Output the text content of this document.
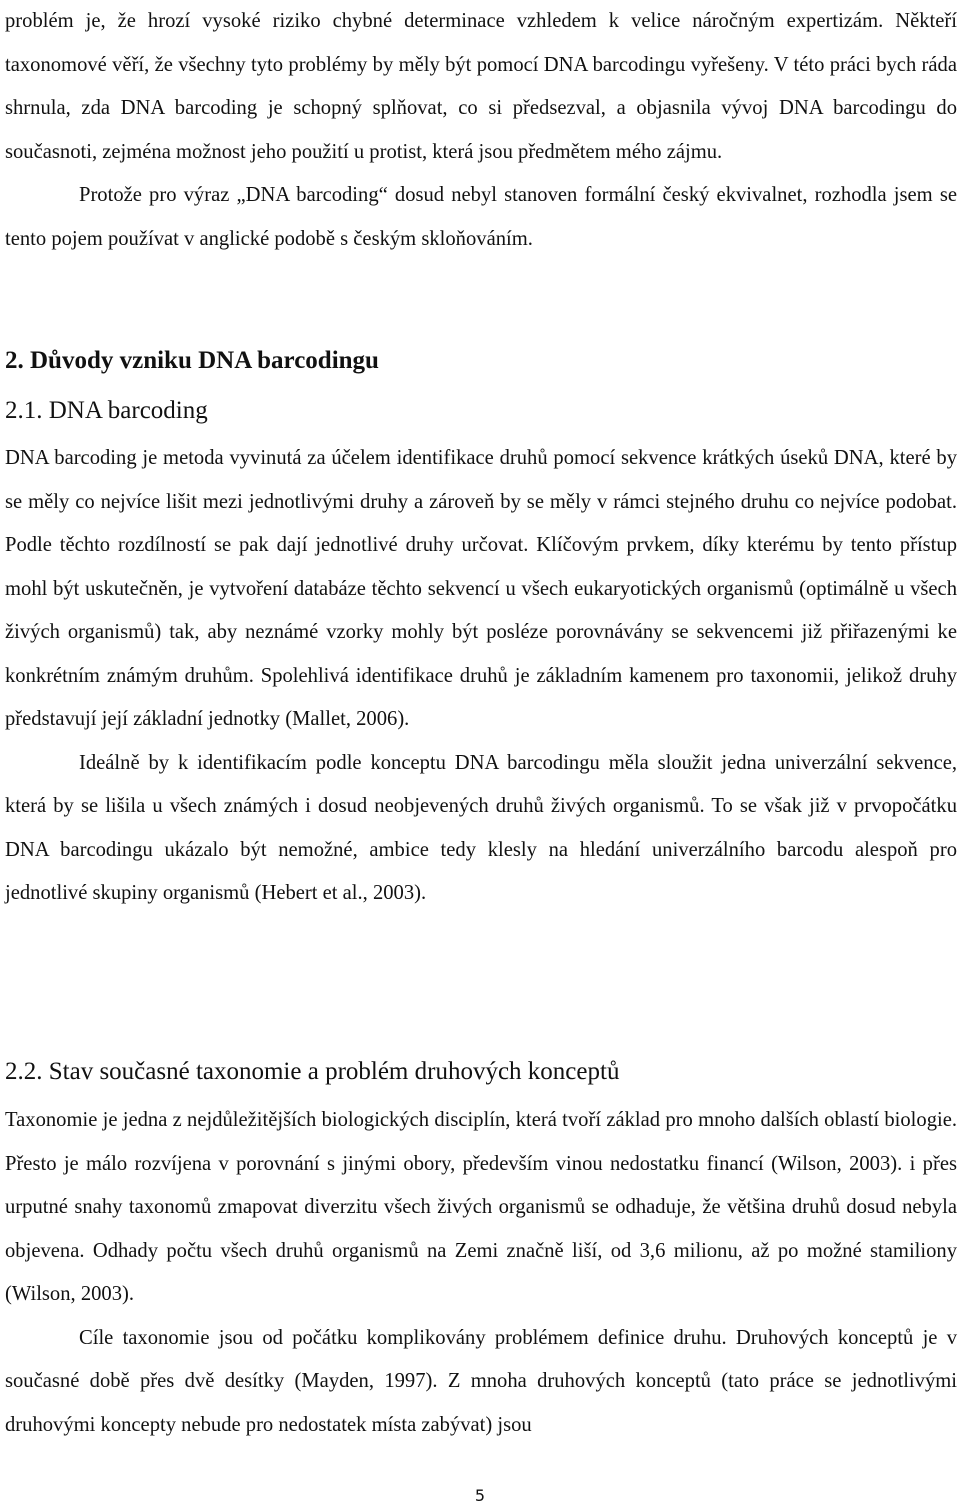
problém je, že hrozí vysoké riziko chybné determinace vzhledem k velice náročným expertizám. Někteří taxonomové věří, že všechny tyto problémy by měly být pomocí DNA barcodingu vyřešeny. V této práci bych ráda shrnula, zda DNA barcoding je schopný splňovat, co si předsezval, a objasnila vývoj DNA barcodingu do současnoti, zejména možnost jeho použití u protist, která jsou předmětem mého zájmu.

Protože pro výraz „DNA barcoding“ dosud nebyl stanoven formální český ekvivalnet, rozhodla jsem se tento pojem používat v anglické podobě s českým skloňováním.

2. Důvody vzniku DNA barcodingu
2.1. DNA barcoding

DNA barcoding je metoda vyvinutá za účelem identifikace druhů pomocí sekvence krátkých úseků DNA, které by se měly co nejvíce lišit mezi jednotlivými druhy a zároveň by se měly v rámci stejného druhu co nejvíce podobat. Podle těchto rozdílností se pak dají jednotlivé druhy určovat. Klíčovým prvkem, díky kterému by tento přístup mohl být uskutečněn, je vytvoření databáze těchto sekvencí u všech eukaryotických organismů (optimálně u všech živých organismů) tak, aby neznámé vzorky mohly být posléze porovnávány se sekvencemi již přiřazenými ke konkrétním známým druhům. Spolehlivá identifikace druhů je základním kamenem pro taxonomii, jelikož druhy představují její základní jednotky (Mallet, 2006).

Ideálně by k identifikacím podle konceptu DNA barcodingu měla sloužit jedna univerzální sekvence, která by se lišila u všech známých i dosud neobjevených druhů živých organismů. To se však již v prvopočátku DNA barcodingu ukázalo být nemožné, ambice tedy klesly na hledání univerzálního barcodu alespoň pro jednotlivé skupiny organismů (Hebert et al., 2003).

2.2. Stav současné taxonomie a problém druhových konceptů

Taxonomie je jedna z nejdůležitějších biologických disciplín, která tvoří základ pro mnoho dalších oblastí biologie. Přesto je málo rozvíjena v porovnání s jinými obory, především vinou nedostatku financí (Wilson, 2003). i přes urputné snahy taxonomů zmapovat diverzitu všech živých organismů se odhaduje, že většina druhů dosud nebyla objevena. Odhady počtu všech druhů organismů na Zemi značně liší, od 3,6 milionu, až po možné stamiliony (Wilson, 2003).

Cíle taxonomie jsou od počátku komplikovány problémem definice druhu. Druhových konceptů je v současné době přes dvě desítky (Mayden, 1997). Z mnoha druhových konceptů (tato práce se jednotlivými druhovými koncepty nebude pro nedostatek místa zabývat) jsou

5
